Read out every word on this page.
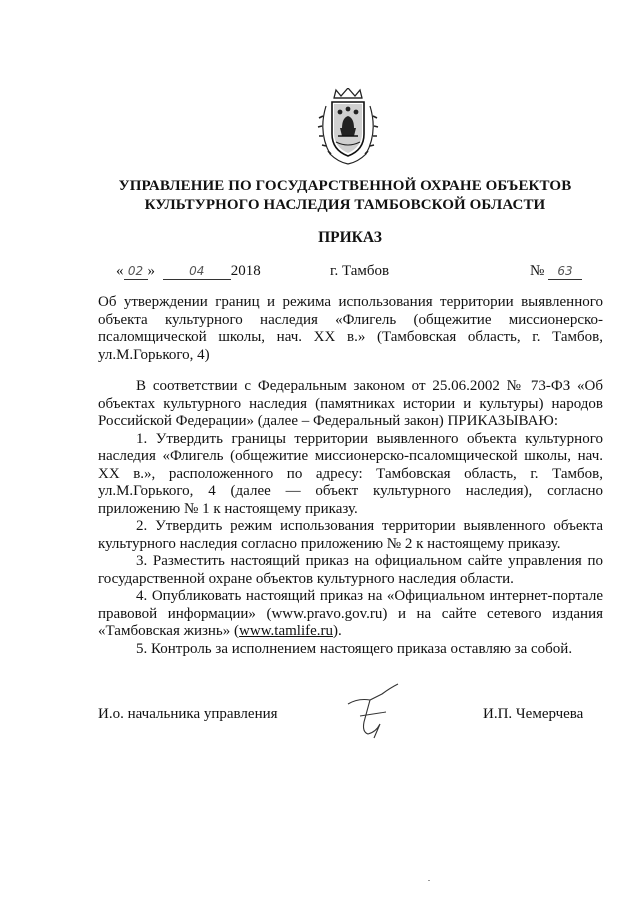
УПРАВЛЕНИЕ ПО ГОСУДАРСТВЕННОЙ ОХРАНЕ ОБЪЕКТОВ
КУЛЬТУРНОГО НАСЛЕДИЯ ТАМБОВСКОЙ ОБЛАСТИ
ПРИКАЗ
« 02 »	04 2018	г. Тамбов	№ 63
Об утверждении границ и режима использования территории выявленного объекта культурного наследия «Флигель (общежитие миссионерско-псаломщической школы, нач. XX в.» (Тамбовская область, г. Тамбов, ул.М.Горького, 4)

В соответствии с Федеральным законом от 25.06.2002 № 73-ФЗ «Об объектах культурного наследия (памятниках истории и культуры) народов Российской Федерации» (далее – Федеральный закон) ПРИКАЗЫВАЮ:

1. Утвердить границы территории выявленного объекта культурного наследия «Флигель (общежитие миссионерско-псаломщической школы, нач. XX в.», расположенного по адресу: Тамбовская область, г. Тамбов, ул.М.Горького, 4 (далее — объект культурного наследия), согласно приложению № 1 к настоящему приказу.

2. Утвердить режим использования территории выявленного объекта культурного наследия согласно приложению № 2 к настоящему приказу.

3. Разместить настоящий приказ на официальном сайте управления по государственной охране объектов культурного наследия области.

4. Опубликовать настоящий приказ на «Официальном интернет-портале правовой информации» (www.pravo.gov.ru) и на сайте сетевого издания «Тамбовская жизнь» (www.tamlife.ru).

5. Контроль за исполнением настоящего приказа оставляю за собой.

И.о. начальника управления	И.П. Чемерчева
